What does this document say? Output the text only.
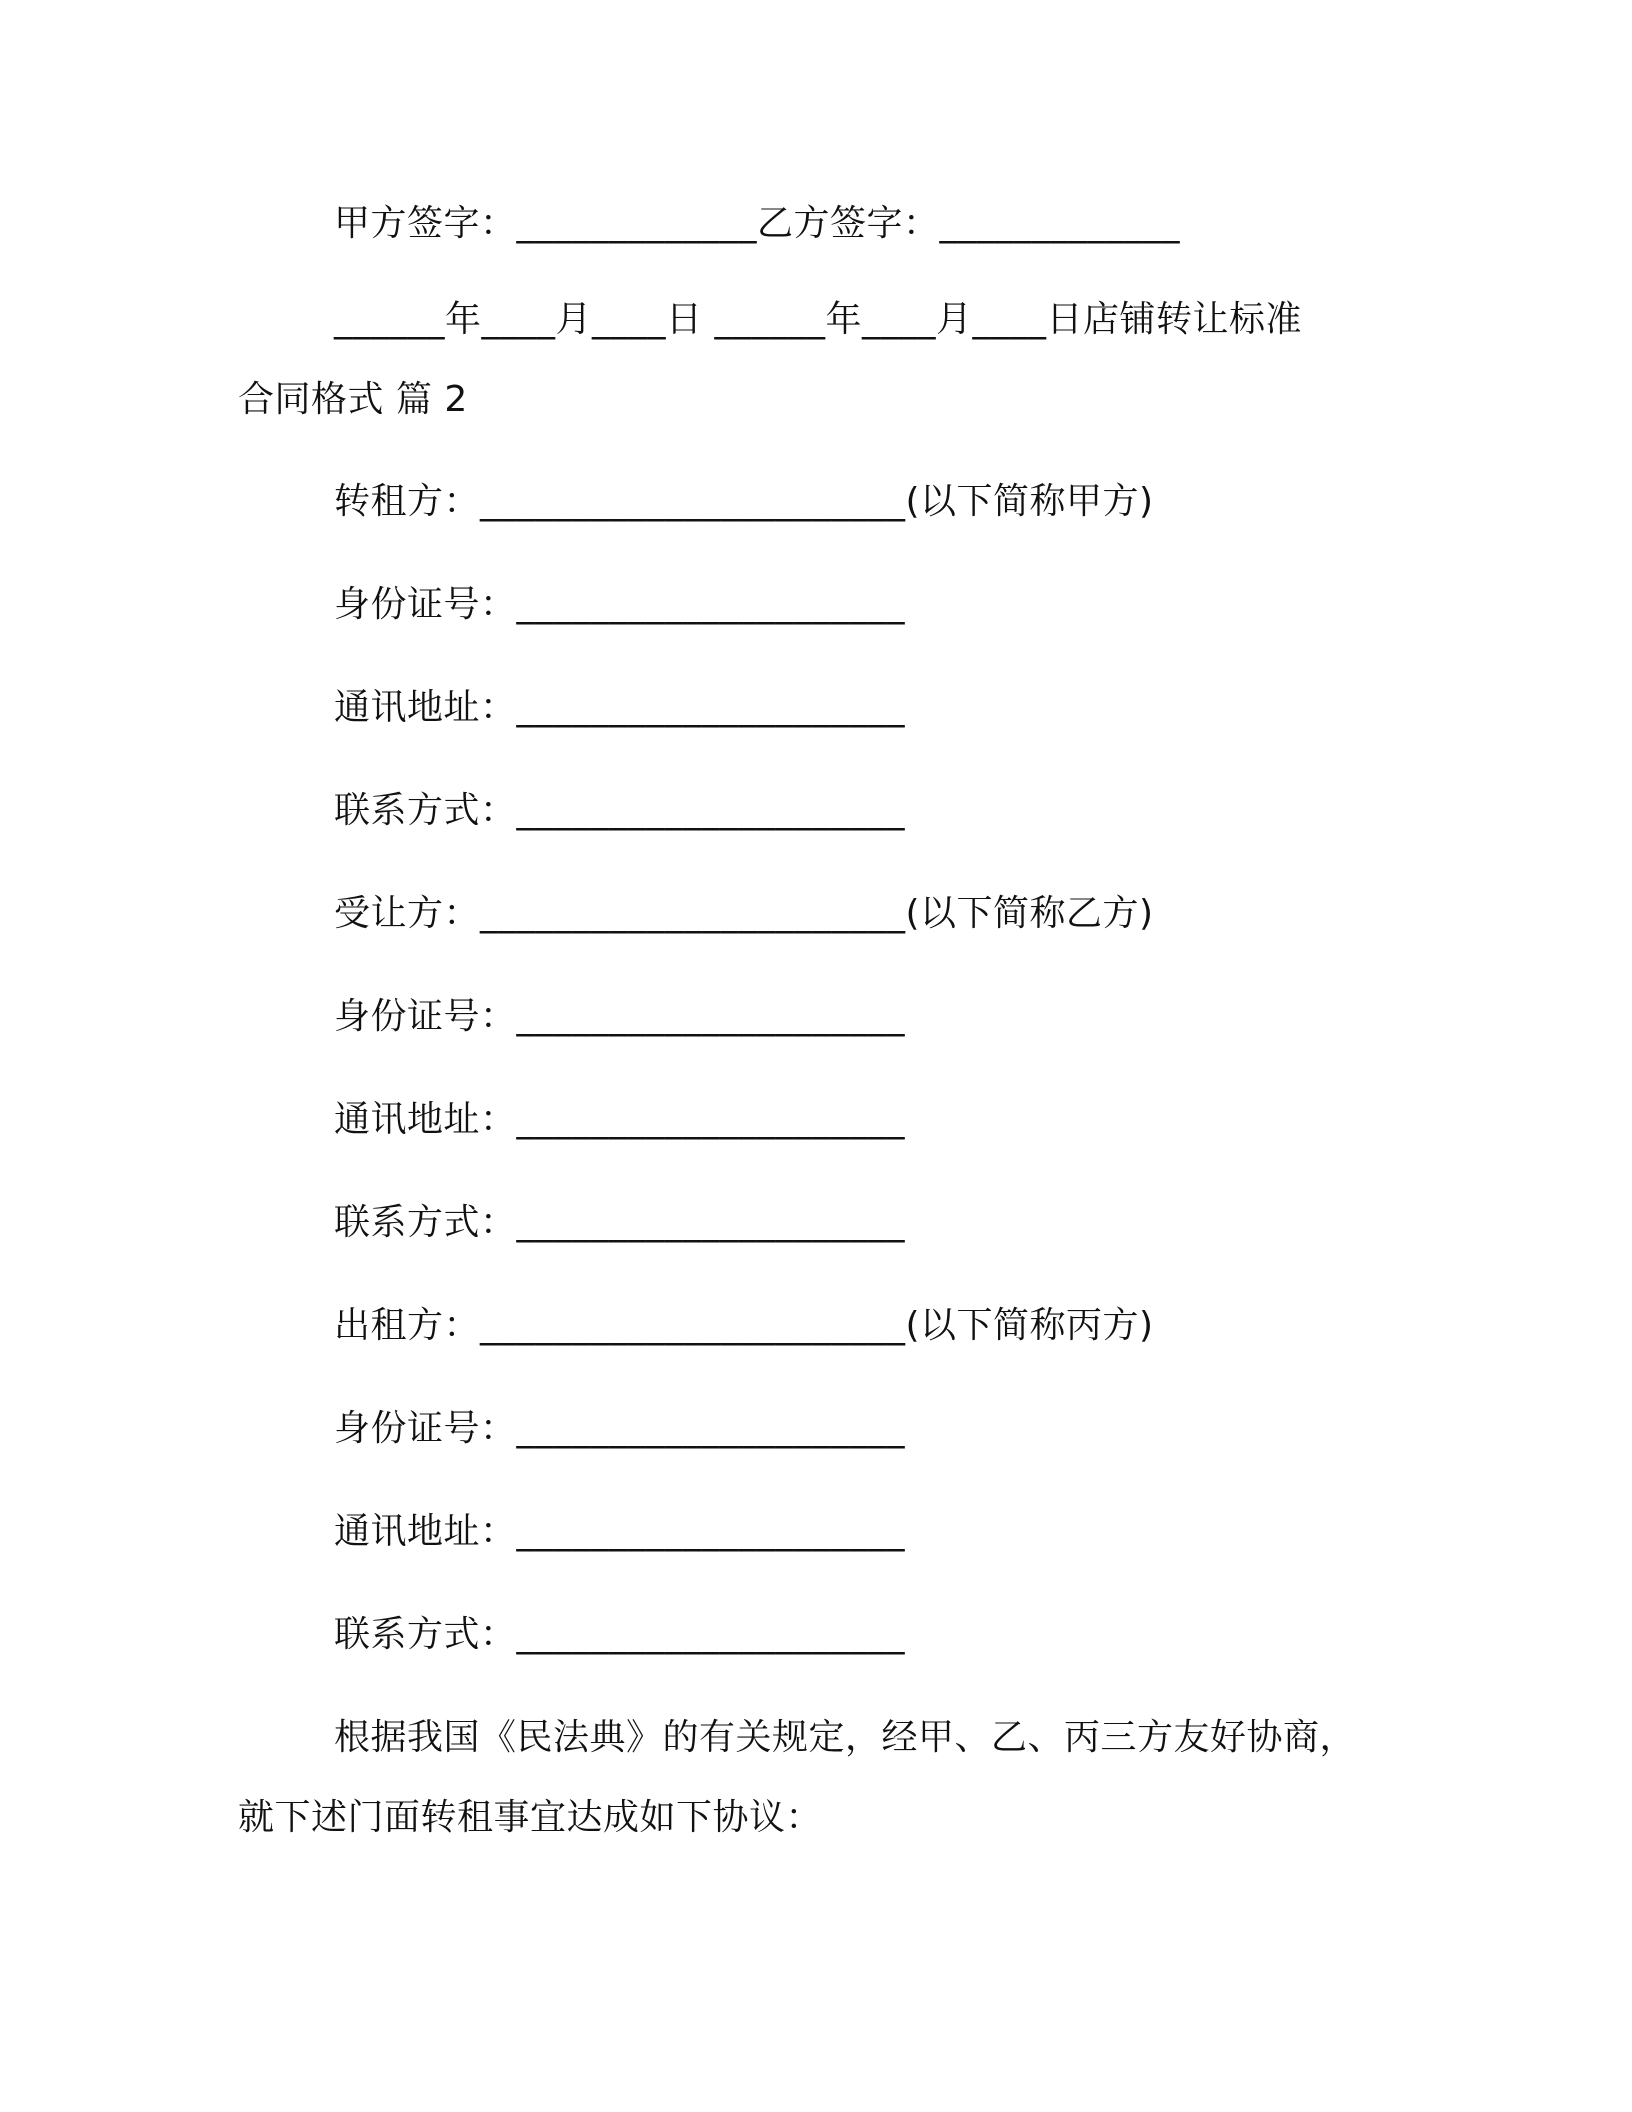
甲方签字：_____________乙方签字：_____________
______年____月____日 ______年____月____日店铺转让标准
合同格式 篇 2
转租方：_______________________(以下简称甲方)
身份证号：_____________________
通讯地址：_____________________
联系方式：_____________________
受让方：_______________________(以下简称乙方)
身份证号：_____________________
通讯地址：_____________________
联系方式：_____________________
出租方：_______________________(以下简称丙方)
身份证号：_____________________
通讯地址：_____________________
联系方式：_____________________
根据我国《民法典》的有关规定，经甲、乙、丙三方友好协商，
就下述门面转租事宜达成如下协议：
